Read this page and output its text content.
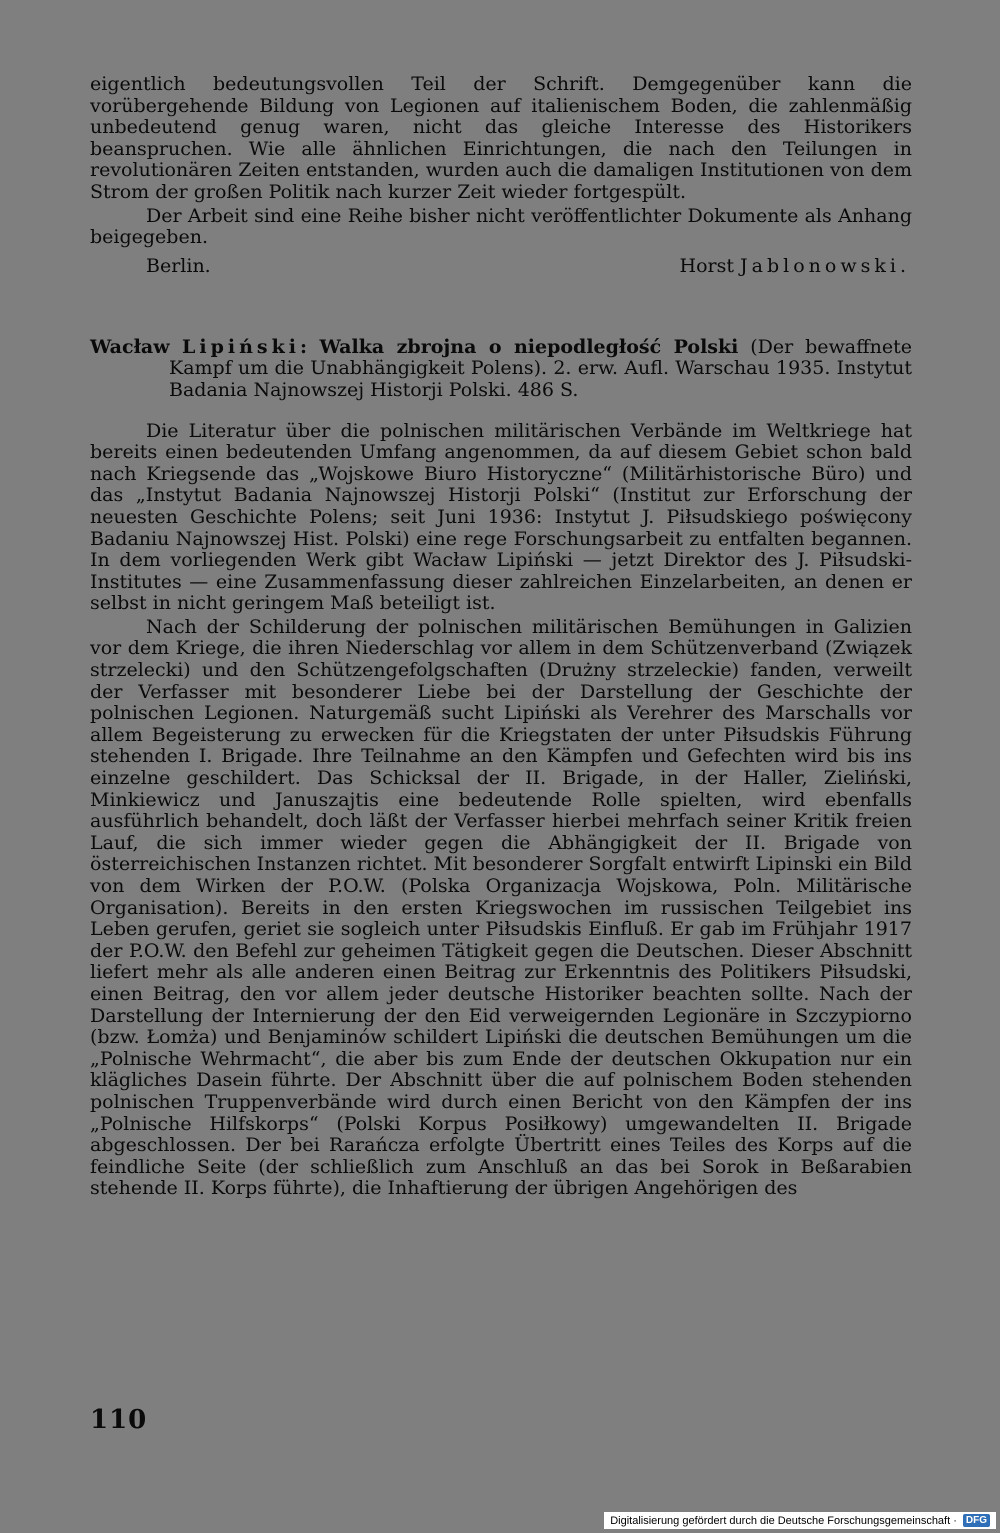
eigentlich bedeutungsvollen Teil der Schrift. Demgegenüber kann die vorübergehende Bildung von Legionen auf italienischem Boden, die zahlenmäßig unbedeutend genug waren, nicht das gleiche Interesse des Historikers beanspruchen. Wie alle ähnlichen Einrichtungen, die nach den Teilungen in revolutionären Zeiten entstanden, wurden auch die damaligen Institutionen von dem Strom der großen Politik nach kurzer Zeit wieder fortgespült.

Der Arbeit sind eine Reihe bisher nicht veröffentlichter Dokumente als Anhang beigegeben.

Berlin.	Horst Jablonowski.

Wacław Lipiński: Walka zbrojna o niepodległość Polski (Der bewaffnete Kampf um die Unabhängigkeit Polens). 2. erw. Aufl. Warschau 1935. Instytut Badania Najnowszej Historji Polski. 486 S.

Die Literatur über die polnischen militärischen Verbände im Weltkriege hat bereits einen bedeutenden Umfang angenommen, da auf diesem Gebiet schon bald nach Kriegsende das „Wojskowe Biuro Historyczne“ (Militärhistorische Büro) und das „Instytut Badania Najnowszej Historji Polski“ (Institut zur Erforschung der neuesten Geschichte Polens; seit Juni 1936: Instytut J. Piłsudskiego poświęcony Badaniu Najnowszej Hist. Polski) eine rege Forschungsarbeit zu entfalten begannen. In dem vorliegenden Werk gibt Wacław Lipiński — jetzt Direktor des J. Piłsudski-Institutes — eine Zusammenfassung dieser zahlreichen Einzelarbeiten, an denen er selbst in nicht geringem Maß beteiligt ist.

Nach der Schilderung der polnischen militärischen Bemühungen in Galizien vor dem Kriege, die ihren Niederschlag vor allem in dem Schützenverband (Związek strzelecki) und den Schützengefolgschaften (Drużny strzeleckie) fanden, verweilt der Verfasser mit besonderer Liebe bei der Darstellung der Geschichte der polnischen Legionen. Naturgemäß sucht Lipiński als Verehrer des Marschalls vor allem Begeisterung zu erwecken für die Kriegstaten der unter Piłsudskis Führung stehenden I. Brigade. Ihre Teilnahme an den Kämpfen und Gefechten wird bis ins einzelne geschildert. Das Schicksal der II. Brigade, in der Haller, Zieliński, Minkiewicz und Januszajtis eine bedeutende Rolle spielten, wird ebenfalls ausführlich behandelt, doch läßt der Verfasser hierbei mehrfach seiner Kritik freien Lauf, die sich immer wieder gegen die Abhängigkeit der II. Brigade von österreichischen Instanzen richtet. Mit besonderer Sorgfalt entwirft Lipinski ein Bild von dem Wirken der P.O.W. (Polska Organizacja Wojskowa, Poln. Militärische Organisation). Bereits in den ersten Kriegswochen im russischen Teilgebiet ins Leben gerufen, geriet sie sogleich unter Piłsudskis Einfluß. Er gab im Frühjahr 1917 der P.O.W. den Befehl zur geheimen Tätigkeit gegen die Deutschen. Dieser Abschnitt liefert mehr als alle anderen einen Beitrag zur Erkenntnis des Politikers Piłsudski, einen Beitrag, den vor allem jeder deutsche Historiker beachten sollte. Nach der Darstellung der Internierung der den Eid verweigernden Legionäre in Szczypiorno (bzw. Łomża) und Benjaminów schildert Lipiński die deutschen Bemühungen um die „Polnische Wehrmacht“, die aber bis zum Ende der deutschen Okkupation nur ein klägliches Dasein führte. Der Abschnitt über die auf polnischem Boden stehenden polnischen Truppenverbände wird durch einen Bericht von den Kämpfen der ins „Polnische Hilfskorps“ (Polski Korpus Posiłkowy) umgewandelten II. Brigade abgeschlossen. Der bei Rarańcza erfolgte Übertritt eines Teiles des Korps auf die feindliche Seite (der schließlich zum Anschluß an das bei Sorok in Beßarabien stehende II. Korps führte), die Inhaftierung der übrigen Angehörigen des

110
Digitalisierung gefördert durch die Deutsche Forschungsgemeinschaft · DFG
